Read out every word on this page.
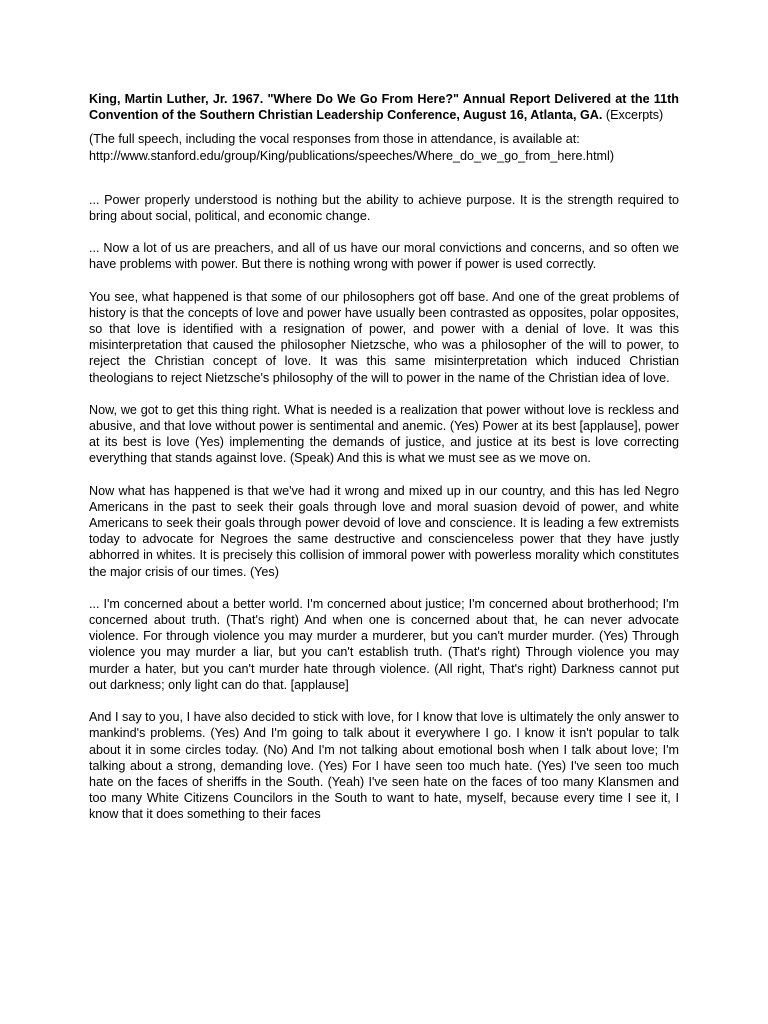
King, Martin Luther, Jr. 1967. "Where Do We Go From Here?" Annual Report Delivered at the 11th Convention of the Southern Christian Leadership Conference, August 16, Atlanta, GA. (Excerpts)

(The full speech, including the vocal responses from those in attendance, is available at: http://www.stanford.edu/group/King/publications/speeches/Where_do_we_go_from_here.html)

... Power properly understood is nothing but the ability to achieve purpose. It is the strength required to bring about social, political, and economic change.

... Now a lot of us are preachers, and all of us have our moral convictions and concerns, and so often we have problems with power. But there is nothing wrong with power if power is used correctly.

You see, what happened is that some of our philosophers got off base. And one of the great problems of history is that the concepts of love and power have usually been contrasted as opposites, polar opposites, so that love is identified with a resignation of power, and power with a denial of love. It was this misinterpretation that caused the philosopher Nietzsche, who was a philosopher of the will to power, to reject the Christian concept of love. It was this same misinterpretation which induced Christian theologians to reject Nietzsche's philosophy of the will to power in the name of the Christian idea of love.

Now, we got to get this thing right. What is needed is a realization that power without love is reckless and abusive, and that love without power is sentimental and anemic. (Yes) Power at its best [applause], power at its best is love (Yes) implementing the demands of justice, and justice at its best is love correcting everything that stands against love. (Speak) And this is what we must see as we move on.

Now what has happened is that we've had it wrong and mixed up in our country, and this has led Negro Americans in the past to seek their goals through love and moral suasion devoid of power, and white Americans to seek their goals through power devoid of love and conscience. It is leading a few extremists today to advocate for Negroes the same destructive and conscienceless power that they have justly abhorred in whites. It is precisely this collision of immoral power with powerless morality which constitutes the major crisis of our times. (Yes)

... I'm concerned about a better world. I'm concerned about justice; I'm concerned about brotherhood; I'm concerned about truth. (That's right) And when one is concerned about that, he can never advocate violence. For through violence you may murder a murderer, but you can't murder murder. (Yes) Through violence you may murder a liar, but you can't establish truth. (That's right) Through violence you may murder a hater, but you can't murder hate through violence. (All right, That's right) Darkness cannot put out darkness; only light can do that. [applause]

And I say to you, I have also decided to stick with love, for I know that love is ultimately the only answer to mankind's problems. (Yes) And I'm going to talk about it everywhere I go. I know it isn't popular to talk about it in some circles today. (No) And I'm not talking about emotional bosh when I talk about love; I'm talking about a strong, demanding love. (Yes) For I have seen too much hate. (Yes) I've seen too much hate on the faces of sheriffs in the South. (Yeah) I've seen hate on the faces of too many Klansmen and too many White Citizens Councilors in the South to want to hate, myself, because every time I see it, I know that it does something to their faces
